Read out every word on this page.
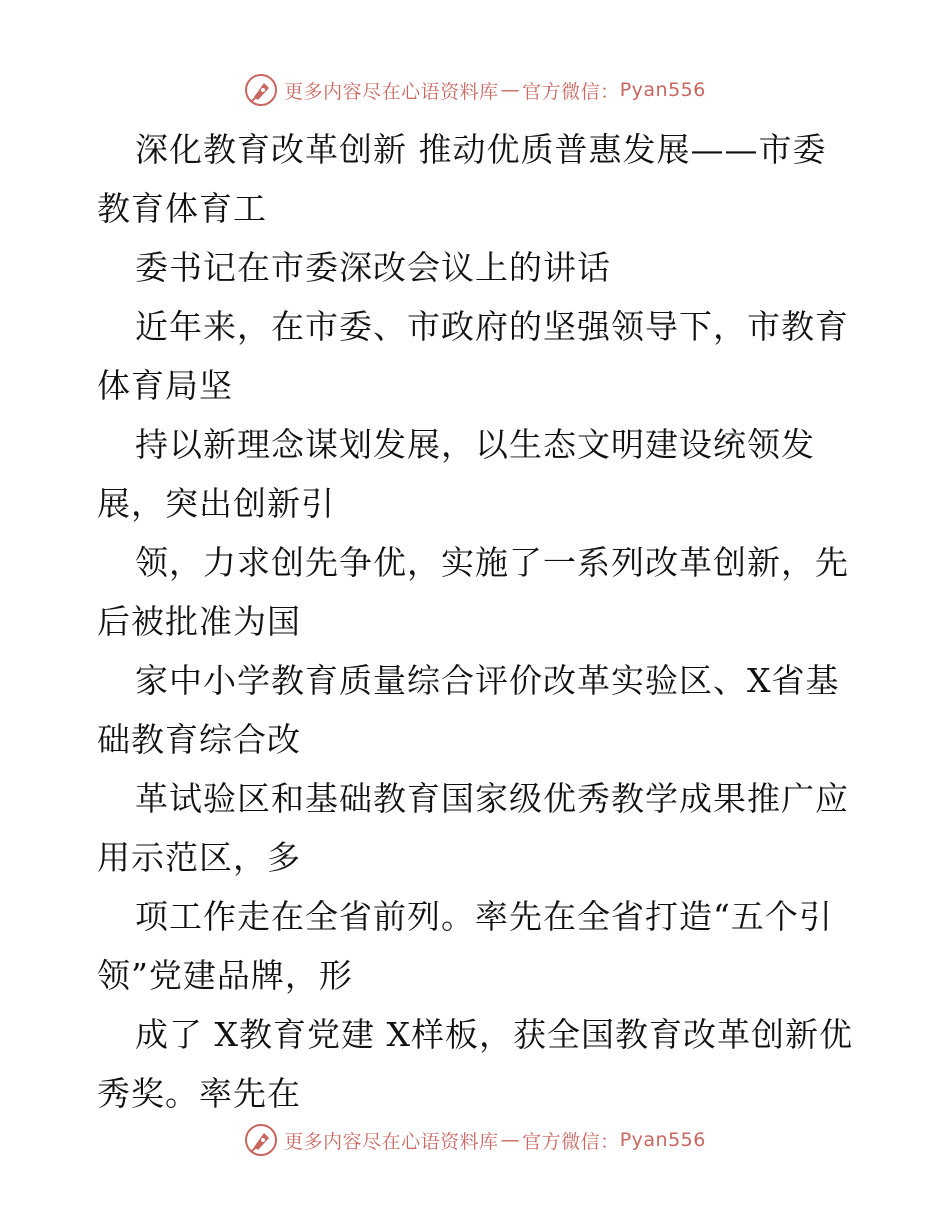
更多内容尽在心语资料库 — 官方微信： Pyan556

深化教育改革创新 推动优质普惠发展——市委教育体育工

委书记在市委深改会议上的讲话

近年来，在市委、市政府的坚强领导下，市教育体育局坚

持以新理念谋划发展，以生态文明建设统领发展，突出创新引

领，力求创先争优，实施了一系列改革创新，先后被批准为国

家中小学教育质量综合评价改革实验区、X省基础教育综合改

革试验区和基础教育国家级优秀教学成果推广应用示范区，多

项工作走在全省前列。率先在全省打造“五个引领”党建品牌，形

成了 X教育党建 X样板，获全国教育改革创新优秀奖。率先在

更多内容尽在心语资料库 — 官方微信： Pyan556
